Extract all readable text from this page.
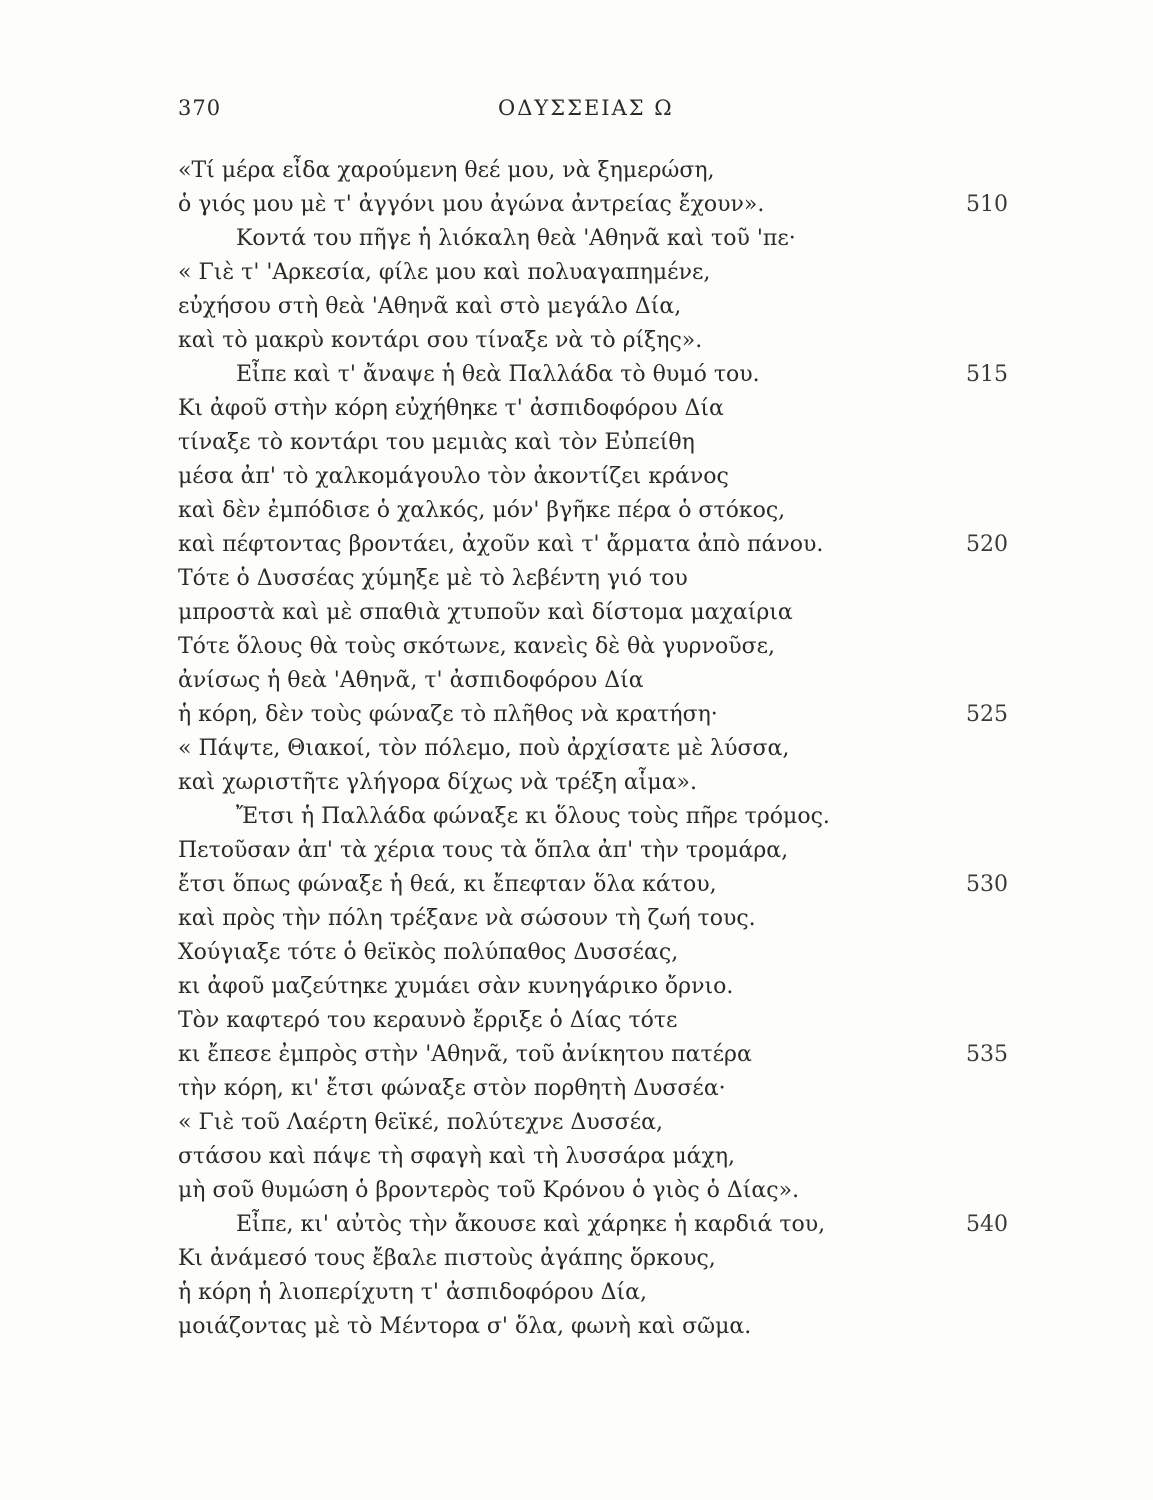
370	ΟΔΥΣΣΕΙΑΣ Ω
«Τί μέρα εἶδα χαρούμενη θεέ μου, νὰ ξημερώση,
ὁ γιός μου μὲ τ' ἀγγόνι μου ἀγώνα ἀντρείας ἔχουν».	510
Κοντά του πῆγε ἡ λιόκαλη θεὰ 'Αθηνᾶ καὶ τοῦ 'πε·
« Γιὲ τ' 'Αρκεσία, φίλε μου καὶ πολυαγαπημένε,
εὐχήσου στὴ θεὰ 'Αθηνᾶ καὶ στὸ μεγάλο Δία,
καὶ τὸ μακρὺ κοντάρι σου τίναξε νὰ τὸ ρίξης».
Εἶπε καὶ τ' ἄναψε ἡ θεὰ Παλλάδα τὸ θυμό του.	515
Κι ἀφοῦ στὴν κόρη εὐχήθηκε τ' ἀσπιδοφόρου Δία
τίναξε τὸ κοντάρι του μεμιὰς καὶ τὸν Εὐπείθη
μέσα ἀπ' τὸ χαλκομάγουλο τὸν ἀκοντίζει κράνος
καὶ δὲν ἐμπόδισε ὁ χαλκός, μόν' βγῆκε πέρα ὁ στόκος,
καὶ πέφτοντας βροντάει, ἀχοῦν καὶ τ' ἄρματα ἀπὸ πάνου.	520
Τότε ὁ Δυσσέας χύμηξε μὲ τὸ λεβέντη γιό του
μπροστὰ καὶ μὲ σπαθιὰ χτυποῦν καὶ δίστομα μαχαίρια
Τότε ὅλους θὰ τοὺς σκότωνε, κανεὶς δὲ θὰ γυρνοῦσε,
ἀνίσως ἡ θεὰ 'Αθηνᾶ, τ' ἀσπιδοφόρου Δία
ἡ κόρη, δὲν τοὺς φώναζε τὸ πλῆθος νὰ κρατήση·	525
« Πάψτε, Θιακοί, τὸν πόλεμο, ποὺ ἀρχίσατε μὲ λύσσα,
καὶ χωριστῆτε γλήγορα δίχως νὰ τρέξη αἷμα».
Ἔτσι ἡ Παλλάδα φώναξε κι ὅλους τοὺς πῆρε τρόμος.
Πετοῦσαν ἀπ' τὰ χέρια τους τὰ ὅπλα ἀπ' τὴν τρομάρα,
ἔτσι ὅπως φώναξε ἡ θεά, κι ἔπεφταν ὅλα κάτου,	530
καὶ πρὸς τὴν πόλη τρέξανε νὰ σώσουν τὴ ζωή τους.
Χούγιαξε τότε ὁ θεϊκὸς πολύπαθος Δυσσέας,
κι ἀφοῦ μαζεύτηκε χυμάει σὰν κυνηγάρικο ὄρνιο.
Τὸν καφτερό του κεραυνὸ ἔρριξε ὁ Δίας τότε
κι ἔπεσε ἐμπρὸς στὴν 'Αθηνᾶ, τοῦ ἀνίκητου πατέρα	535
τὴν κόρη, κι' ἔτσι φώναξε στὸν πορθητὴ Δυσσέα·
« Γιὲ τοῦ Λαέρτη θεϊκέ, πολύτεχνε Δυσσέα,
στάσου καὶ πάψε τὴ σφαγὴ καὶ τὴ λυσσάρα μάχη,
μὴ σοῦ θυμώση ὁ βροντερὸς τοῦ Κρόνου ὁ γιὸς ὁ Δίας».
Εἶπε, κι' αὐτὸς τὴν ἄκουσε καὶ χάρηκε ἡ καρδιά του,	540
Κι ἀνάμεσό τους ἔβαλε πιστοὺς ἀγάπης ὅρκους,
ἡ κόρη ἡ λιοπερίχυτη τ' ἀσπιδοφόρου Δία,
μοιάζοντας μὲ τὸ Μέντορα σ' ὅλα, φωνὴ καὶ σῶμα.
